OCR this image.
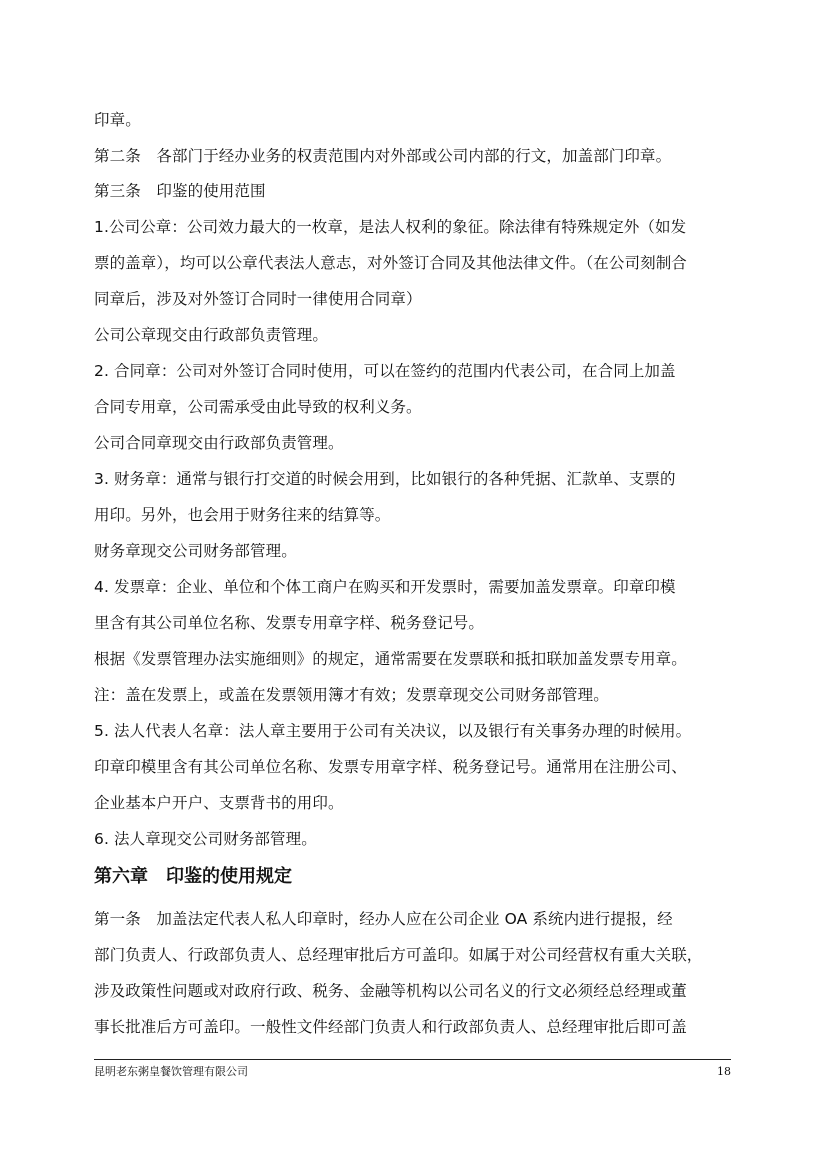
印章。
第二条　各部门于经办业务的权责范围内对外部或公司内部的行文，加盖部门印章。
第三条　印鉴的使用范围
1.公司公章：公司效力最大的一枚章，是法人权利的象征。除法律有特殊规定外（如发
票的盖章），均可以公章代表法人意志，对外签订合同及其他法律文件。（在公司刻制合
同章后，涉及对外签订合同时一律使用合同章）
公司公章现交由行政部负责管理。
2. 合同章：公司对外签订合同时使用，可以在签约的范围内代表公司，在合同上加盖
合同专用章，公司需承受由此导致的权利义务。
公司合同章现交由行政部负责管理。
3. 财务章：通常与银行打交道的时候会用到，比如银行的各种凭据、汇款单、支票的
用印。另外，也会用于财务往来的结算等。
财务章现交公司财务部管理。
4. 发票章：企业、单位和个体工商户在购买和开发票时，需要加盖发票章。印章印模
里含有其公司单位名称、发票专用章字样、税务登记号。
根据《发票管理办法实施细则》的规定，通常需要在发票联和抵扣联加盖发票专用章。
注：盖在发票上，或盖在发票领用簿才有效；发票章现交公司财务部管理。
5. 法人代表人名章：法人章主要用于公司有关决议，以及银行有关事务办理的时候用。
印章印模里含有其公司单位名称、发票专用章字样、税务登记号。通常用在注册公司、
企业基本户开户、支票背书的用印。
6. 法人章现交公司财务部管理。
第六章　印鉴的使用规定
第一条　加盖法定代表人私人印章时，经办人应在公司企业 OA 系统内进行提报，经
部门负责人、行政部负责人、总经理审批后方可盖印。如属于对公司经营权有重大关联，
涉及政策性问题或对政府行政、税务、金融等机构以公司名义的行文必须经总经理或董
事长批准后方可盖印。一般性文件经部门负责人和行政部负责人、总经理审批后即可盖
昆明老东粥皇餐饮管理有限公司	18
